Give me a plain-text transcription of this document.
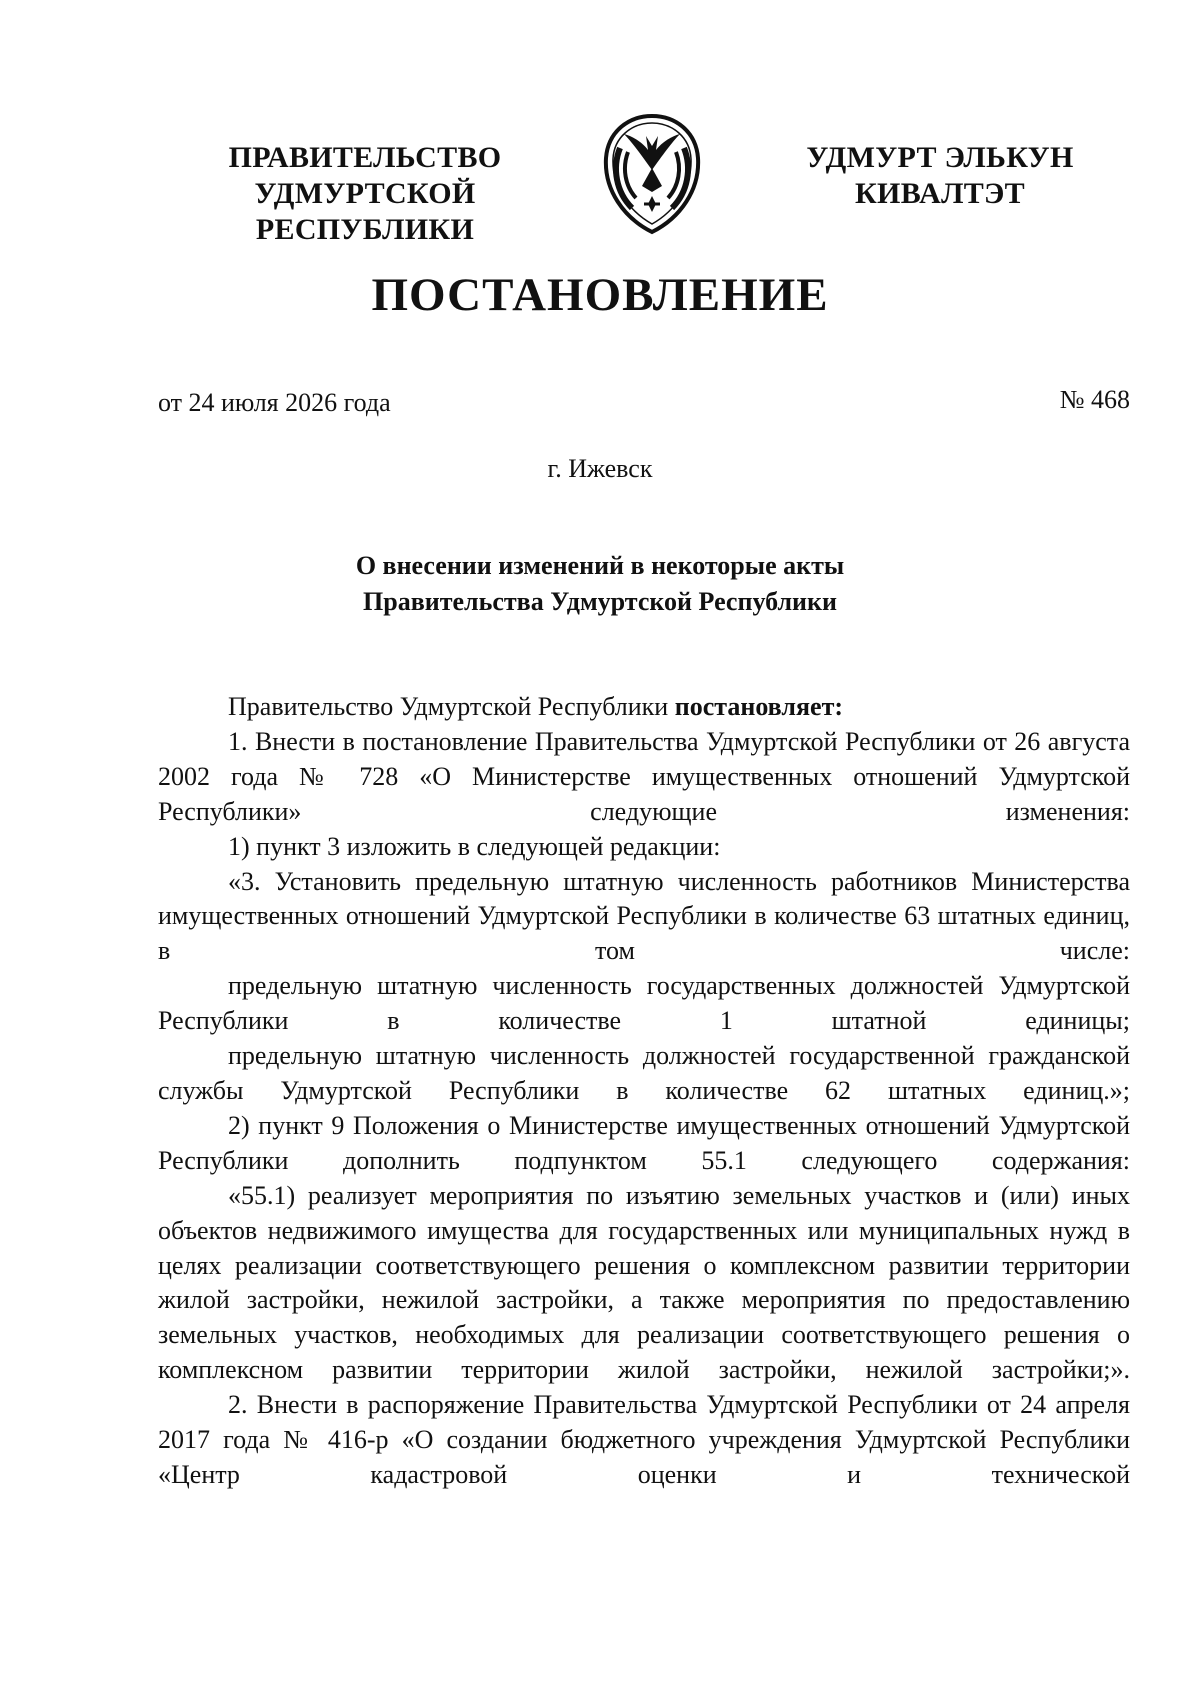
ПРАВИТЕЛЬСТВО
УДМУРТСКОЙ РЕСПУБЛИКИ
УДМУРТ ЭЛЬКУН
КИВАЛТЭТ
ПОСТАНОВЛЕНИЕ
от 24 июля 2026 года	№ 468
г. Ижевск
О внесении изменений в некоторые акты
Правительства Удмуртской Республики

Правительство Удмуртской Республики постановляет:

1. Внести в постановление Правительства Удмуртской Республики от 26 августа 2002 года № 728 «О Министерстве имущественных отношений Удмуртской Республики» следующие изменения:

1) пункт 3 изложить в следующей редакции:

«3. Установить предельную штатную численность работников Министерства имущественных отношений Удмуртской Республики в количестве 63 штатных единиц, в том числе:

предельную штатную численность государственных должностей Удмуртской Республики в количестве 1 штатной единицы;

предельную штатную численность должностей государственной гражданской службы Удмуртской Республики в количестве 62 штатных единиц.»;

2) пункт 9 Положения о Министерстве имущественных отношений Удмуртской Республики дополнить подпунктом 55.1 следующего содержания:

«55.1) реализует мероприятия по изъятию земельных участков и (или) иных объектов недвижимого имущества для государственных или муниципальных нужд в целях реализации соответствующего решения о комплексном развитии территории жилой застройки, нежилой застройки, а также мероприятия по предоставлению земельных участков, необходимых для реализации соответствующего решения о комплексном развитии территории жилой застройки, нежилой застройки;».

2. Внести в распоряжение Правительства Удмуртской Республики от 24 апреля 2017 года № 416-р «О создании бюджетного учреждения Удмуртской Республики «Центр кадастровой оценки и технической
